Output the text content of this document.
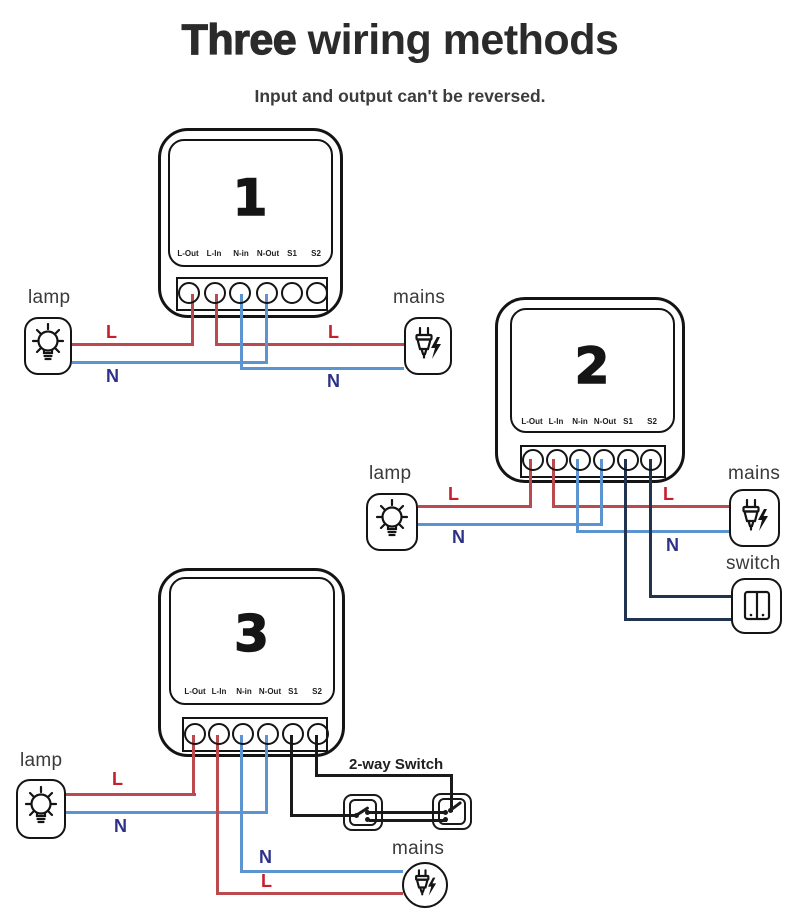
Three wiring methods
Input and output can't be reversed.
1
L-Out L-In N-in N-Out S1 S2
L
N
L
N
lamp	mains
2
L-Out L-In N-in N-Out S1 S2
L
N
L
N
lamp	mains
switch
3
L-Out L-In N-in N-Out S1 S2
L
N
N
L
lamp	2-way Switch
mains
